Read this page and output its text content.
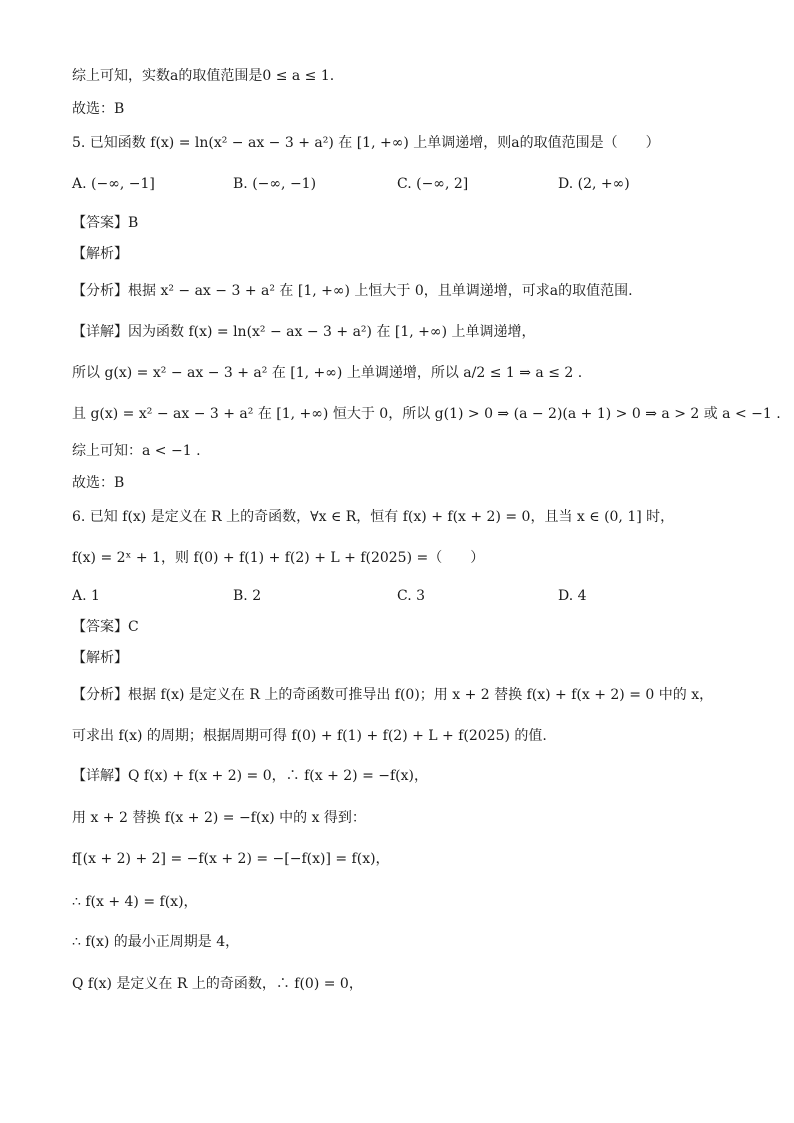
综上可知，实数a的取值范围是0 ≤ a ≤ 1.
故选：B
5. 已知函数 f(x) = ln(x² − ax − 3 + a²) 在 [1, +∞) 上单调递增，则a的取值范围是（　　）
A. (−∞, −1]	B. (−∞, −1)	C. (−∞, 2]	D. (2, +∞)
【答案】B
【解析】
【分析】根据 x² − ax − 3 + a² 在 [1, +∞) 上恒大于 0，且单调递增，可求a的取值范围.
【详解】因为函数 f(x) = ln(x² − ax − 3 + a²) 在 [1, +∞) 上单调递增，
所以 g(x) = x² − ax − 3 + a² 在 [1, +∞) 上单调递增，所以 a/2 ≤ 1 ⇒ a ≤ 2 .
且 g(x) = x² − ax − 3 + a² 在 [1, +∞) 恒大于 0，所以 g(1) > 0 ⇒ (a − 2)(a + 1) > 0 ⇒ a > 2 或 a < −1 .
综上可知：a < −1 .
故选：B
6. 已知 f(x) 是定义在 R 上的奇函数，∀x ∈ R，恒有 f(x) + f(x + 2) = 0，且当 x ∈ (0, 1] 时，
f(x) = 2ˣ + 1，则 f(0) + f(1) + f(2) + L + f(2025) =（　　）
A. 1	B. 2	C. 3	D. 4
【答案】C
【解析】
【分析】根据 f(x) 是定义在 R 上的奇函数可推导出 f(0)；用 x + 2 替换 f(x) + f(x + 2) = 0 中的 x，
可求出 f(x) 的周期；根据周期可得 f(0) + f(1) + f(2) + L + f(2025) 的值.
【详解】Q f(x) + f(x + 2) = 0，∴ f(x + 2) = −f(x)，
用 x + 2 替换 f(x + 2) = −f(x) 中的 x 得到：
f[(x + 2) + 2] = −f(x + 2) = −[−f(x)] = f(x)，
∴ f(x + 4) = f(x)，
∴ f(x) 的最小正周期是 4，
Q f(x) 是定义在 R 上的奇函数，∴ f(0) = 0，
